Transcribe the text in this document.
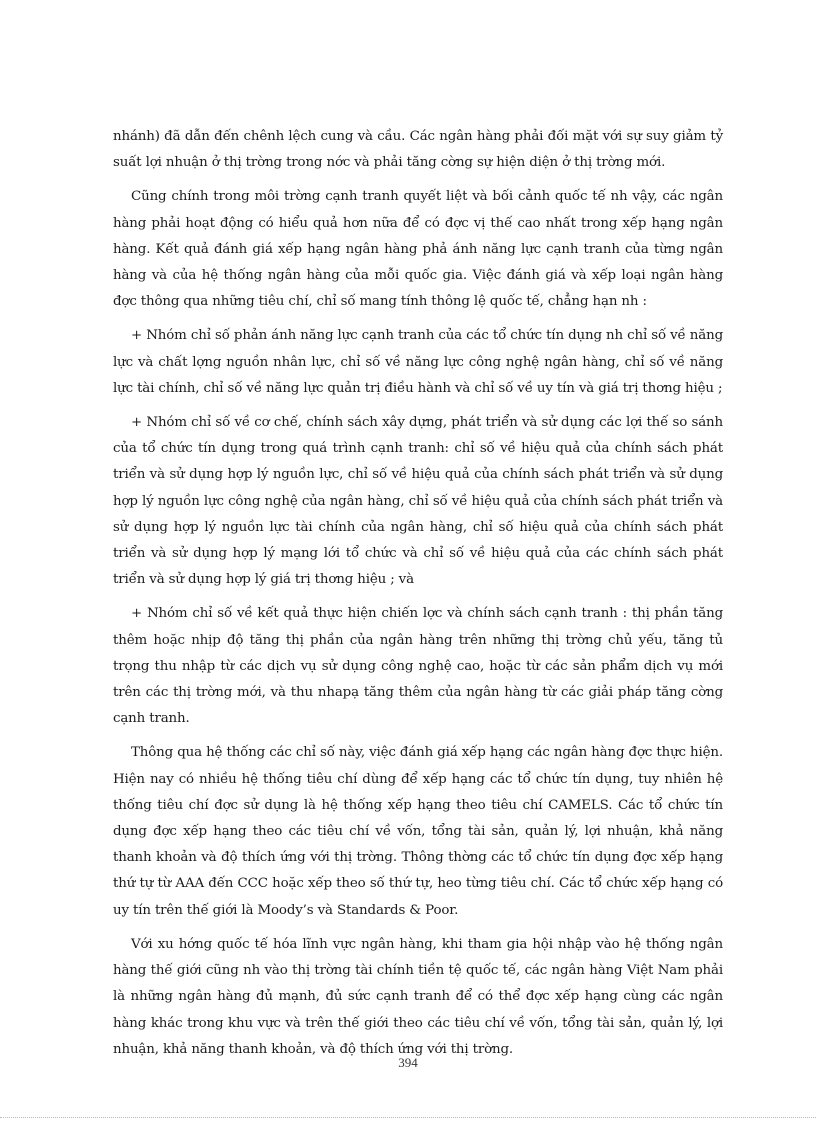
nhánh) đã dẫn đến chênh lệch cung và cầu. Các ngân hàng phải đối mặt với sự suy giảm tỷ suất lợi nhuận ở thị trờng trong nớc và phải tăng cờng sự hiện diện ở thị trờng mới.

Cũng chính trong môi trờng cạnh tranh quyết liệt và bối cảnh quốc tế nh vậy, các ngân hàng phải hoạt động có hiểu quả hơn nữa để có đợc vị thế cao nhất trong xếp hạng ngân hàng. Kết quả đánh giá xếp hạng ngân hàng phả ánh năng lực cạnh tranh của từng ngân hàng và của hệ thống ngân hàng của mỗi quốc gia. Việc đánh giá và xếp loại ngân hàng đợc thông qua những tiêu chí, chỉ số mang tính thông lệ quốc tế, chẳng hạn nh :

+ Nhóm chỉ số phản ánh năng lực cạnh tranh của các tổ chức tín dụng nh chỉ số về năng lực và chất lợng nguồn nhân lực, chỉ số về năng lực công nghệ ngân hàng, chỉ số về năng lực tài chính, chỉ số về năng lực quản trị điều hành và chỉ số về uy tín và giá trị thơng hiệu ;

+ Nhóm chỉ số về cơ chế, chính sách xây dựng, phát triển và sử dụng các lợi thế so sánh của tổ chức tín dụng trong quá trình cạnh tranh: chỉ số về hiệu quả của chính sách phát triển và sử dụng hợp lý nguồn lực, chỉ số về hiệu quả của chính sách phát triển và sử dụng hợp lý nguồn lực công nghệ của ngân hàng, chỉ số về hiệu quả của chính sách phát triển và sử dụng hợp lý nguồn lực tài chính của ngân hàng, chỉ số hiệu quả của chính sách phát triển và sử dụng hợp lý mạng lới tổ chức và chỉ số về hiệu quả của các chính sách phát triển và sử dụng hợp lý giá trị thơng hiệu ; và

+ Nhóm chỉ số về kết quả thực hiện chiến lợc và chính sách cạnh tranh : thị phần tăng thêm hoặc nhịp độ tăng thị phần của ngân hàng trên những thị trờng chủ yếu, tăng tủ trọng thu nhập từ các dịch vụ sử dụng công nghệ cao, hoặc từ các sản phẩm dịch vụ mới trên các thị trờng mới, và thu nhapạ tăng thêm của ngân hàng từ các giải pháp tăng cờng cạnh tranh.

Thông qua hệ thống các chỉ số này, việc đánh giá xếp hạng các ngân hàng đợc thực hiện. Hiện nay có nhiều hệ thống tiêu chí dùng để xếp hạng các tổ chức tín dụng, tuy nhiên hệ thống tiêu chí đợc sử dụng là hệ thống xếp hạng theo tiêu chí CAMELS. Các tổ chức tín dụng đợc xếp hạng theo các tiêu chí về vốn, tổng tài sản, quản lý, lợi nhuận, khả năng thanh khoản và độ thích ứng với thị trờng. Thông thờng các tổ chức tín dụng đợc xếp hạng thứ tự từ AAA đến CCC hoặc xếp theo số thứ tự, heo từng tiêu chí. Các tổ chức xếp hạng có uy tín trên thế giới là Moody’s và Standards & Poor.

Với xu hớng quốc tế hóa lĩnh vực ngân hàng, khi tham gia hội nhập vào hệ thống ngân hàng thế giới cũng nh vào thị trờng tài chính tiền tệ quốc tế, các ngân hàng Việt Nam phải là những ngân hàng đủ mạnh, đủ sức cạnh tranh để có thể đợc xếp hạng cùng các ngân hàng khác trong khu vực và trên thế giới theo các tiêu chí về vốn, tổng tài sản, quản lý, lợi nhuận, khả năng thanh khoản, và độ thích ứng với thị trờng.

394
